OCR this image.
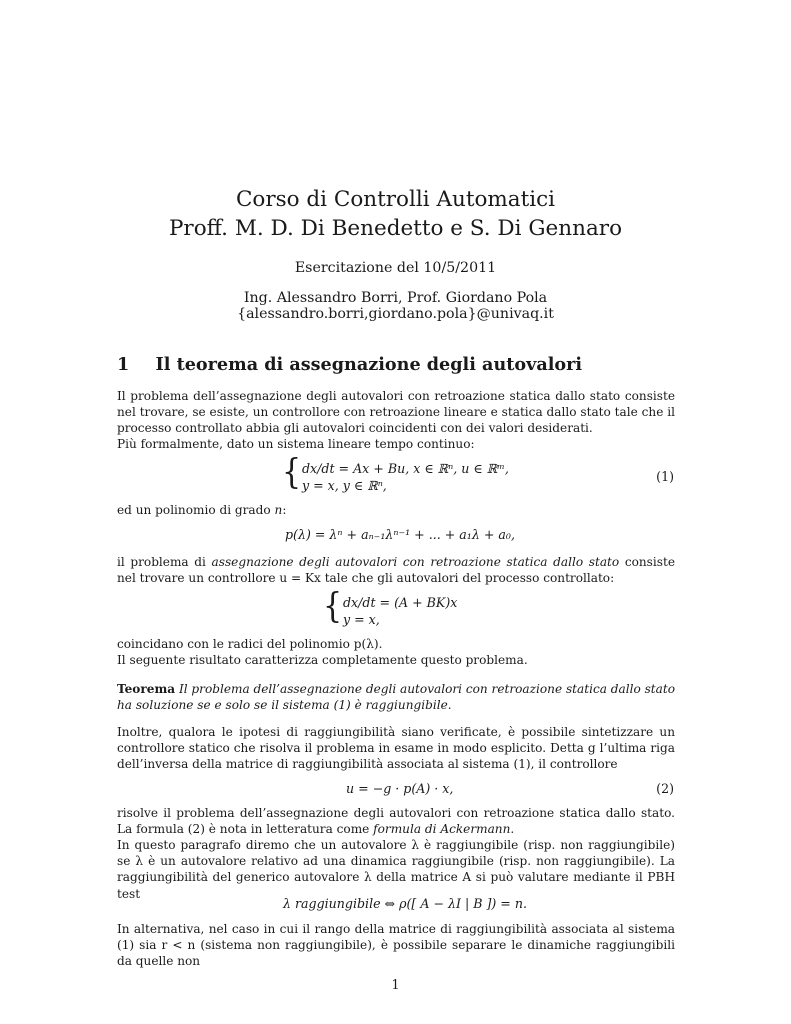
Corso di Controlli Automatici
Proff. M. D. Di Benedetto e S. Di Gennaro
Esercitazione del 10/5/2011
Ing. Alessandro Borri, Prof. Giordano Pola
{alessandro.borri,giordano.pola}@univaq.it
1 Il teorema di assegnazione degli autovalori
Il problema dell’assegnazione degli autovalori con retroazione statica dallo stato consiste nel trovare, se esiste, un controllore con retroazione lineare e statica dallo stato tale che il processo controllato abbia gli autovalori coincidenti con dei valori desiderati.
Più formalmente, dato un sistema lineare tempo continuo:
{ dx/dt = Ax + Bu, x ∈ ℝⁿ, u ∈ ℝᵐ,
y = x, y ∈ ℝⁿ,
(1)
ed un polinomio di grado n:
p(λ) = λⁿ + aₙ₋₁λⁿ⁻¹ + ... + a₁λ + a₀,
il problema di assegnazione degli autovalori con retroazione statica dallo stato consiste nel trovare un controllore u = Kx tale che gli autovalori del processo controllato:
{ dx/dt = (A + BK)x
y = x,
coincidano con le radici del polinomio p(λ).
Il seguente risultato caratterizza completamente questo problema.
Teorema Il problema dell’assegnazione degli autovalori con retroazione statica dallo stato ha soluzione se e solo se il sistema (1) è raggiungibile.
Inoltre, qualora le ipotesi di raggiungibilità siano verificate, è possibile sintetizzare un controllore statico che risolva il problema in esame in modo esplicito. Detta g l’ultima riga dell’inversa della matrice di raggiungibilità associata al sistema (1), il controllore
u = −g · p(A) · x,	(2)
risolve il problema dell’assegnazione degli autovalori con retroazione statica dallo stato. La formula (2) è nota in letteratura come formula di Ackermann.
In questo paragrafo diremo che un autovalore λ è raggiungibile (risp. non raggiungibile) se λ è un autovalore relativo ad una dinamica raggiungibile (risp. non raggiungibile). La raggiungibilità del generico autovalore λ della matrice A si può valutare mediante il PBH test
λ raggiungibile ⇔ ρ([ A − λI | B ]) = n.
In alternativa, nel caso in cui il rango della matrice di raggiungibilità associata al sistema (1) sia r < n (sistema non raggiungibile), è possibile separare le dinamiche raggiungibili da quelle non
1
